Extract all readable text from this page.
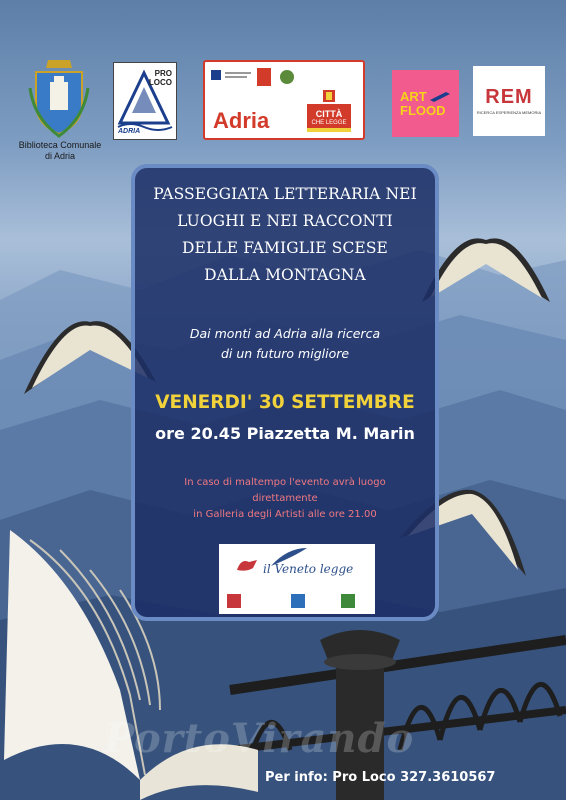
Biblioteca Comunale
di Adria
PRO
LOCO
ADRIA	Adria	CITTÀ
CHE LEGGE
ART
FLOOD
REM
RICERCA ESPERIENZA MEMORIA
PASSEGGIATA LETTERARIA NEI
LUOGHI E NEI RACCONTI
DELLE FAMIGLIE SCESE
DALLA MONTAGNA
Dai monti ad Adria alla ricerca
di un futuro migliore
VENERDI' 30 SETTEMBRE
ore 20.45 Piazzetta M. Marin
In caso di maltempo l'evento avrà luogo
direttamente
in Galleria degli Artisti alle ore 21.00
il Veneto legge
PortoVirando
Per info: Pro Loco 327.3610567
